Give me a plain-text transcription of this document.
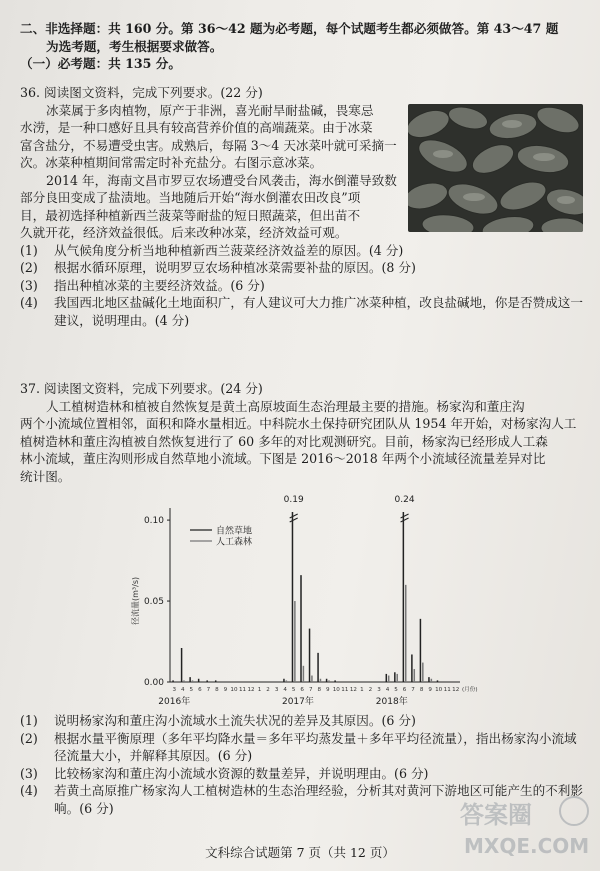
二、非选择题：共 160 分。第 36～42 题为必考题，每个试题考生都必须做答。第 43～47 题

为选考题，考生根据要求做答。

（一）必考题：共 135 分。

36. 阅读图文资料，完成下列要求。(22 分)

冰菜属于多肉植物，原产于非洲，喜光耐旱耐盐碱，畏寒忌

水涝，是一种口感好且具有较高营养价值的高端蔬菜。由于冰菜

富含盐分，不易遭受虫害。成熟后，每隔 3～4 天冰菜叶就可采摘一

次。冰菜种植期间常需定时补充盐分。右图示意冰菜。

2014 年，海南文昌市罗豆农场遭受台风袭击，海水倒灌导致数

部分良田变成了盐渍地。当地随后开始“海水倒灌农田改良”项

目，最初选择种植新西兰菠菜等耐盐的短日照蔬菜，但出苗不

久就开花，经济效益很低。后来改种冰菜，经济效益可观。

(1) 从气候角度分析当地种植新西兰菠菜经济效益差的原因。(4 分)

(2) 根据水循环原理，说明罗豆农场种植冰菜需要补盐的原因。(8 分)

(3) 指出种植冰菜的主要经济效益。(6 分)

(4) 我国西北地区盐碱化土地面积广，有人建议可大力推广冰菜种植，改良盐碱地，你是否赞成这一建议，说明理由。(4 分)

37. 阅读图文资料，完成下列要求。(24 分)

人工植树造林和植被自然恢复是黄土高原坡面生态治理最主要的措施。杨家沟和董庄沟

两个小流域位置相邻，面积和降水量相近。中科院水土保持研究团队从 1954 年开始，对杨家沟人工

植树造林和董庄沟植被自然恢复进行了 60 多年的对比观测研究。目前，杨家沟已经形成人工森

林小流域，董庄沟则形成自然草地小流域。下图是 2016～2018 年两个小流域径流量差异对比

统计图。

0.00
0.05
0.10
径流量(m³/s)
3 4 5 6 7 8 9 10 11 12 1 2 3 4 5 6 7 8 9 10 11 12 1 2 3 4 5 6 7 8 9 10 11 12 (月份)
2016年	2017年	2018年
0.19	0.24
自然草地
人工森林

(1) 说明杨家沟和董庄沟小流域水土流失状况的差异及其原因。(6 分)

(2) 根据水量平衡原理（多年平均降水量＝多年平均蒸发量＋多年平均径流量），指出杨家沟小流域径流量大小，并解释其原因。(6 分)

(3) 比较杨家沟和董庄沟小流域水资源的数量差异，并说明理由。(6 分)

(4) 若黄土高原推广杨家沟人工植树造林的生态治理经验，分析其对黄河下游地区可能产生的不利影响。(6 分)

文科综合试题第 7 页（共 12 页）
答案圈
MXQE.COM
